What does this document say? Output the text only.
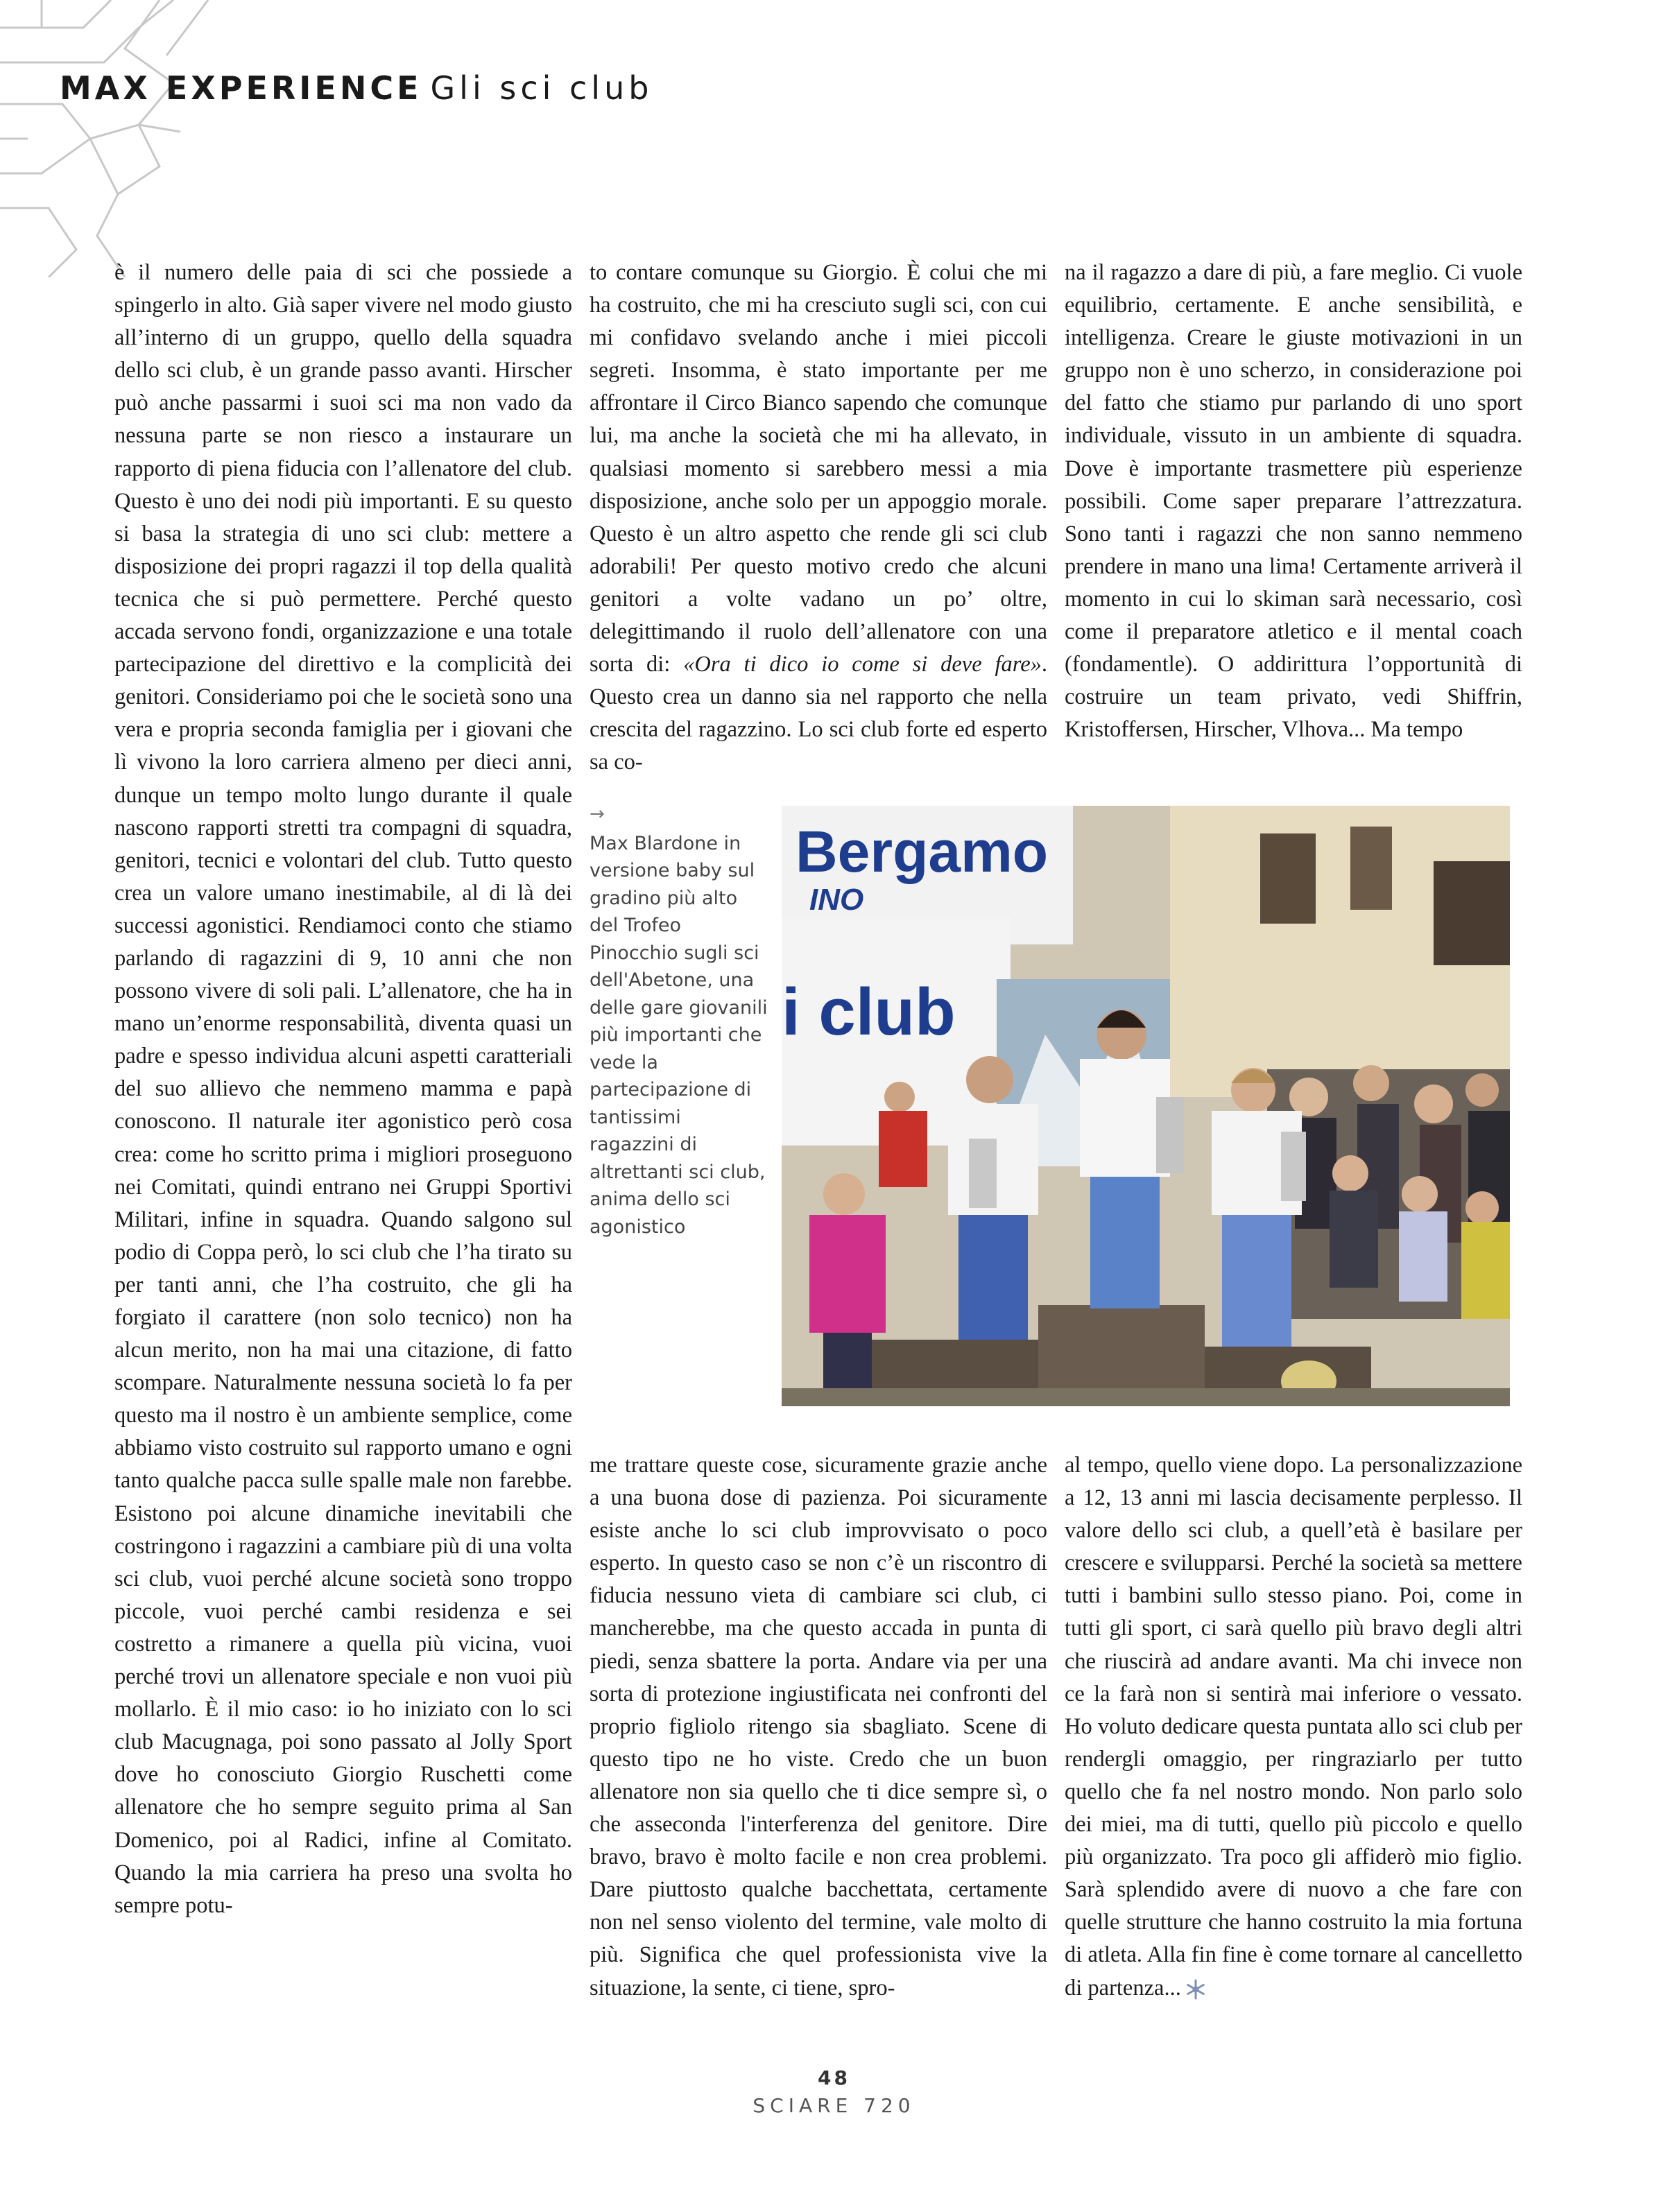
MAX EXPERIENCE Gli sci club

è il numero delle paia di sci che possiede a spingerlo in alto. Già saper vivere nel modo giusto all’interno di un gruppo, quello della squadra dello sci club, è un grande passo avanti. Hirscher può anche passarmi i suoi sci ma non vado da nessuna parte se non riesco a instaurare un rapporto di piena fiducia con l’allenatore del club. Questo è uno dei nodi più importanti. E su questo si basa la strategia di uno sci club: mettere a disposizione dei propri ragazzi il top della qualità tecnica che si può permettere. Perché questo accada servono fondi, organizzazione e una totale partecipazione del direttivo e la complicità dei genitori. Consideriamo poi che le società sono una vera e propria seconda famiglia per i giovani che lì vivono la loro carriera almeno per dieci anni, dunque un tempo molto lungo durante il quale nascono rapporti stretti tra compagni di squadra, genitori, tecnici e volontari del club. Tutto questo crea un valore umano inestimabile, al di là dei successi agonistici. Rendiamoci conto che stiamo parlando di ragazzini di 9, 10 anni che non possono vivere di soli pali. L’allenatore, che ha in mano un’enorme responsabilità, diventa quasi un padre e spesso individua alcuni aspetti caratteriali del suo allievo che nemmeno mamma e papà conoscono. Il naturale iter agonistico però cosa crea: come ho scritto prima i migliori proseguono nei Comitati, quindi entrano nei Gruppi Sportivi Militari, infine in squadra. Quando salgono sul podio di Coppa però, lo sci club che l’ha tirato su per tanti anni, che l’ha costruito, che gli ha forgiato il carattere (non solo tecnico) non ha alcun merito, non ha mai una citazione, di fatto scompare. Naturalmente nessuna società lo fa per questo ma il nostro è un ambiente semplice, come abbiamo visto costruito sul rapporto umano e ogni tanto qualche pacca sulle spalle male non farebbe. Esistono poi alcune dinamiche inevitabili che costringono i ragazzini a cambiare più di una volta sci club, vuoi perché alcune società sono troppo piccole, vuoi perché cambi residenza e sei costretto a rimanere a quella più vicina, vuoi perché trovi un allenatore speciale e non vuoi più mollarlo. È il mio caso: io ho iniziato con lo sci club Macugnaga, poi sono passato al Jolly Sport dove ho conosciuto Giorgio Ruschetti come allenatore che ho sempre seguito prima al San Domenico, poi al Radici, infine al Comitato. Quando la mia carriera ha preso una svolta ho sempre potu-

to contare comunque su Giorgio. È colui che mi ha costruito, che mi ha cresciuto sugli sci, con cui mi confidavo svelando anche i miei piccoli segreti. Insomma, è stato importante per me affrontare il Circo Bianco sapendo che comunque lui, ma anche la società che mi ha allevato, in qualsiasi momento si sarebbero messi a mia disposizione, anche solo per un appoggio morale. Questo è un altro aspetto che rende gli sci club adorabili! Per questo motivo credo che alcuni genitori a volte vadano un po’ oltre, delegittimando il ruolo dell’allenatore con una sorta di: «Ora ti dico io come si deve fare». Questo crea un danno sia nel rapporto che nella crescita del ragazzino. Lo sci club forte ed esperto sa co-

na il ragazzo a dare di più, a fare meglio. Ci vuole equilibrio, certamente. E anche sensibilità, e intelligenza. Creare le giuste motivazioni in un gruppo non è uno scherzo, in considerazione poi del fatto che stiamo pur parlando di uno sport individuale, vissuto in un ambiente di squadra. Dove è importante trasmettere più esperienze possibili. Come saper preparare l’attrezzatura. Sono tanti i ragazzi che non sanno nemmeno prendere in mano una lima! Certamente arriverà il momento in cui lo skiman sarà necessario, così come il preparatore atletico e il mental coach (fondamentle). O addirittura l’opportunità di costruire un team privato, vedi Shiffrin, Kristoffersen, Hirscher, Vlhova... Ma tempo

→
Max Blardone in versione baby sul gradino più alto del Trofeo Pinocchio sugli sci dell'Abetone, una delle gare giovanili più importanti che vede la partecipazione di tantissimi ragazzini di altrettanti sci club, anima dello sci agonistico
Bergamo
INO
i club

me trattare queste cose, sicuramente grazie anche a una buona dose di pazienza. Poi sicuramente esiste anche lo sci club improvvisato o poco esperto. In questo caso se non c’è un riscontro di fiducia nessuno vieta di cambiare sci club, ci mancherebbe, ma che questo accada in punta di piedi, senza sbattere la porta. Andare via per una sorta di protezione ingiustificata nei confronti del proprio figliolo ritengo sia sbagliato. Scene di questo tipo ne ho viste. Credo che un buon allenatore non sia quello che ti dice sempre sì, o che asseconda l'interferenza del genitore. Dire bravo, bravo è molto facile e non crea problemi. Dare piuttosto qualche bacchettata, certamente non nel senso violento del termine, vale molto di più. Significa che quel professionista vive la situazione, la sente, ci tiene, spro-

al tempo, quello viene dopo. La personalizzazione a 12, 13 anni mi lascia decisamente perplesso. Il valore dello sci club, a quell’età è basilare per crescere e svilupparsi. Perché la società sa mettere tutti i bambini sullo stesso piano. Poi, come in tutti gli sport, ci sarà quello più bravo degli altri che riuscirà ad andare avanti. Ma chi invece non ce la farà non si sentirà mai inferiore o vessato. Ho voluto dedicare questa puntata allo sci club per rendergli omaggio, per ringraziarlo per tutto quello che fa nel nostro mondo. Non parlo solo dei miei, ma di tutti, quello più piccolo e quello più organizzato. Tra poco gli affiderò mio figlio. Sarà splendido avere di nuovo a che fare con quelle strutture che hanno costruito la mia fortuna di atleta. Alla fin fine è come tornare al cancelletto di partenza...

48
SCIARE 720
